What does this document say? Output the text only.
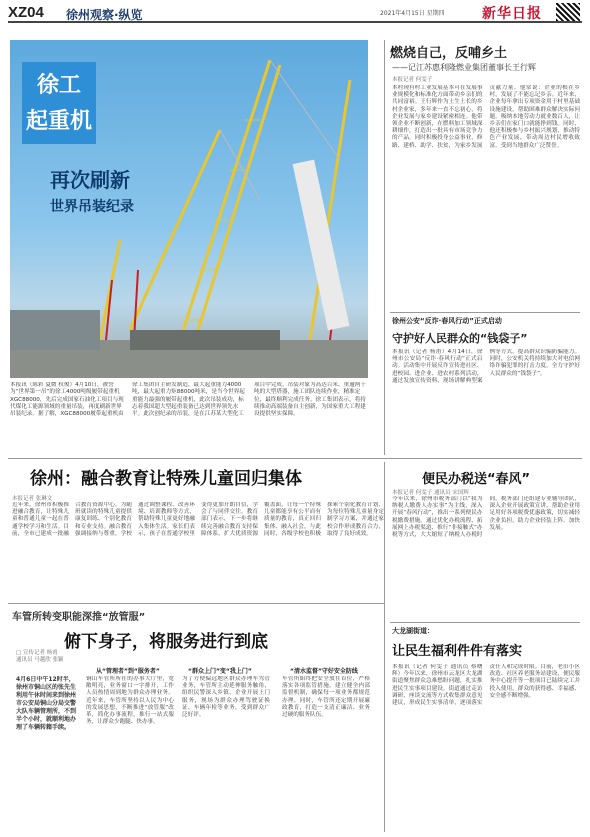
XZ04 徐州观察·纵览	2021年4月15日 星期四	新华日报
徐工
起重机
再次刷新
世界吊装纪录
本报讯（陈彩 夏微 权俊）4月10日，被誉为“世界第一吊”的徐工4000吨级履带起重机XGC88000，先后完成国家石油化工项目与现代煤化工能源领域的重量吊装，再度刷新世界吊装纪录。据了解，XGC88000履带起重机由徐工集团自主研发制造，最大起重能力4000吨，最大起重力矩88000吨米，是当今世界起重能力最强的履带起重机，此次吊装成功，标志着我国超大型起重装备已达到世界领先水平。此次创纪录的吊装，是在江苏某大型化工项目中完成。吊装对象为高达百米、重逾两千吨的大型塔器，施工团队连续作业，精准定位，最终顺利完成任务。徐工集团表示，将持续推动高端装备自主创新，为国家重大工程建设提供坚实保障。
燃烧自己，反哺乡土
——记江苏惠利隆燃业集团董事长王行辉
本报记者 何雯子
本村现有村工业发展基本可在发展事业规模化和标准化方面带动乡亲们的共同富裕。王行辉作为土生土长的乡村企业家，多年来一直不忘初心，将企业发展与家乡建设紧密相连。他带领企业不断创新，在燃料加工领域深耕细作，打造出一批具有市场竞争力的产品，同时积极投身公益事业，修路、建桥、助学、扶贫，为家乡发展贡献力量。他常说：企业的根在乡村，发展了不能忘记乡亲。近年来，企业每年拿出专项资金用于村里基础设施建设，帮助困难群众解决实际问题，吸纳本地劳动力就业数百人，让乡亲们在家门口就能挣到钱。同时，他还积极参与乡村振兴规划，推动特色产业发展，带动周边村民增收致富，受到当地群众广泛赞誉。
徐州公安“反诈·春风行动”正式启动
守护好人民群众的“钱袋子”
本报讯（记者 杨甫）4月14日，徐州市公安局“反诈·春风行动”正式启动。活动集中开展反诈宣传进社区、进校园、进企业、进农村系列活动，通过发放宣传资料、现场讲解典型案例等方式，提高群众识骗防骗能力。同时，公安机关将持续加大对电信网络诈骗犯罪的打击力度，全力守护好人民群众的“钱袋子”。
徐州：融合教育让特殊儿童回归集体
本报记者 张琳文
近年来，徐州市积极推进融合教育，让特殊儿童和普通儿童一起在普通学校学习和生活。目前，全市已建成一批融合教育资源中心，为随班就读的特殊儿童提供康复训练、个别化教育和专业支持。融合教育强调接纳与尊重，学校通过调整课程、改善环境、培训教师等方式，帮助特殊儿童更好地融入集体生活。家长们表示，孩子在普通学校里变得更加开朗自信，学会了与同伴交往。教育部门表示，下一步将继续完善融合教育支持保障体系，扩大优质资源覆盖面，让每一个特殊儿童都能享有公平而有质量的教育，真正回归集体、融入社会。与此同时，各级学校也积极探索个别化教育计划，为每位特殊儿童量身定制学习方案，并通过家校合作形成教育合力，取得了良好成效。
车管所转变职能深推“放管服”
俯下身子，将服务进行到底
□ 宣传记者 杨甫
通讯员 马越欣 张颖
4月6日中午12时半，徐州市铜山区的张先生利用午休时间来到徐州市公安局铜山分局交警大队车辆管理所，不到半个小时，就顺利地办理了车辆转籍手续。
从“管理者”到“服务者”
铜山车管所所在的办事大厅里，宽敞明亮，业务窗口一字排开，工作人员热情周到地为群众办理业务。近年来，车管所坚持以人民为中心的发展思想，不断推进“放管服”改革，简化办事流程，推行一站式服务，让群众少跑腿、快办事。
“群众上门”变“我上门”
为了方便偏远地区群众办理车驾管业务，车管所主动延伸服务触角，组织民警深入乡镇、企业开展上门服务，现场为群众办理驾驶证换证、车辆年检等业务，受到群众广泛好评。
“清水监督”守好安全防线
车管所始终把安全放在首位，严格落实各项监管措施，建立健全内部监督机制，确保每一项业务都规范办理。同时，车管所还定期开展廉政教育，打造一支清正廉洁、业务过硬的服务队伍。
便民办税送“春风”
本报记者 何雯子 通讯员 宋国辉
今年以来，徐州市税务部门以“我为纳税人缴费人办实事”为主线，深入开展“春风行动”，推出一系列便民办税缴费措施。通过优化办税流程、拓展网上办税渠道、推行“非接触式”办税等方式，大大缩短了纳税人办税时间。税务部门还组建专业辅导团队，深入企业开展政策宣讲，帮助企业用足用好各项税费优惠政策，切实减轻企业负担，助力企业轻装上阵、加快发展。
大龙湖街道：
让民生福利件件有落实
本报讯（记者 何雯子 通讯员 蔡曙辉）今年以来，徐州市云龙区大龙湖街道聚焦群众急难愁盼问题，扎实推进民生实事项目建设。街道通过走访调研、座谈交流等方式收集群众意见建议，形成民生实事清单，逐项落实责任人和完成时限。目前，老旧小区改造、社区养老服务站建设、便民服务中心提升等一批项目已陆续完工并投入使用，群众的获得感、幸福感、安全感不断增强。
